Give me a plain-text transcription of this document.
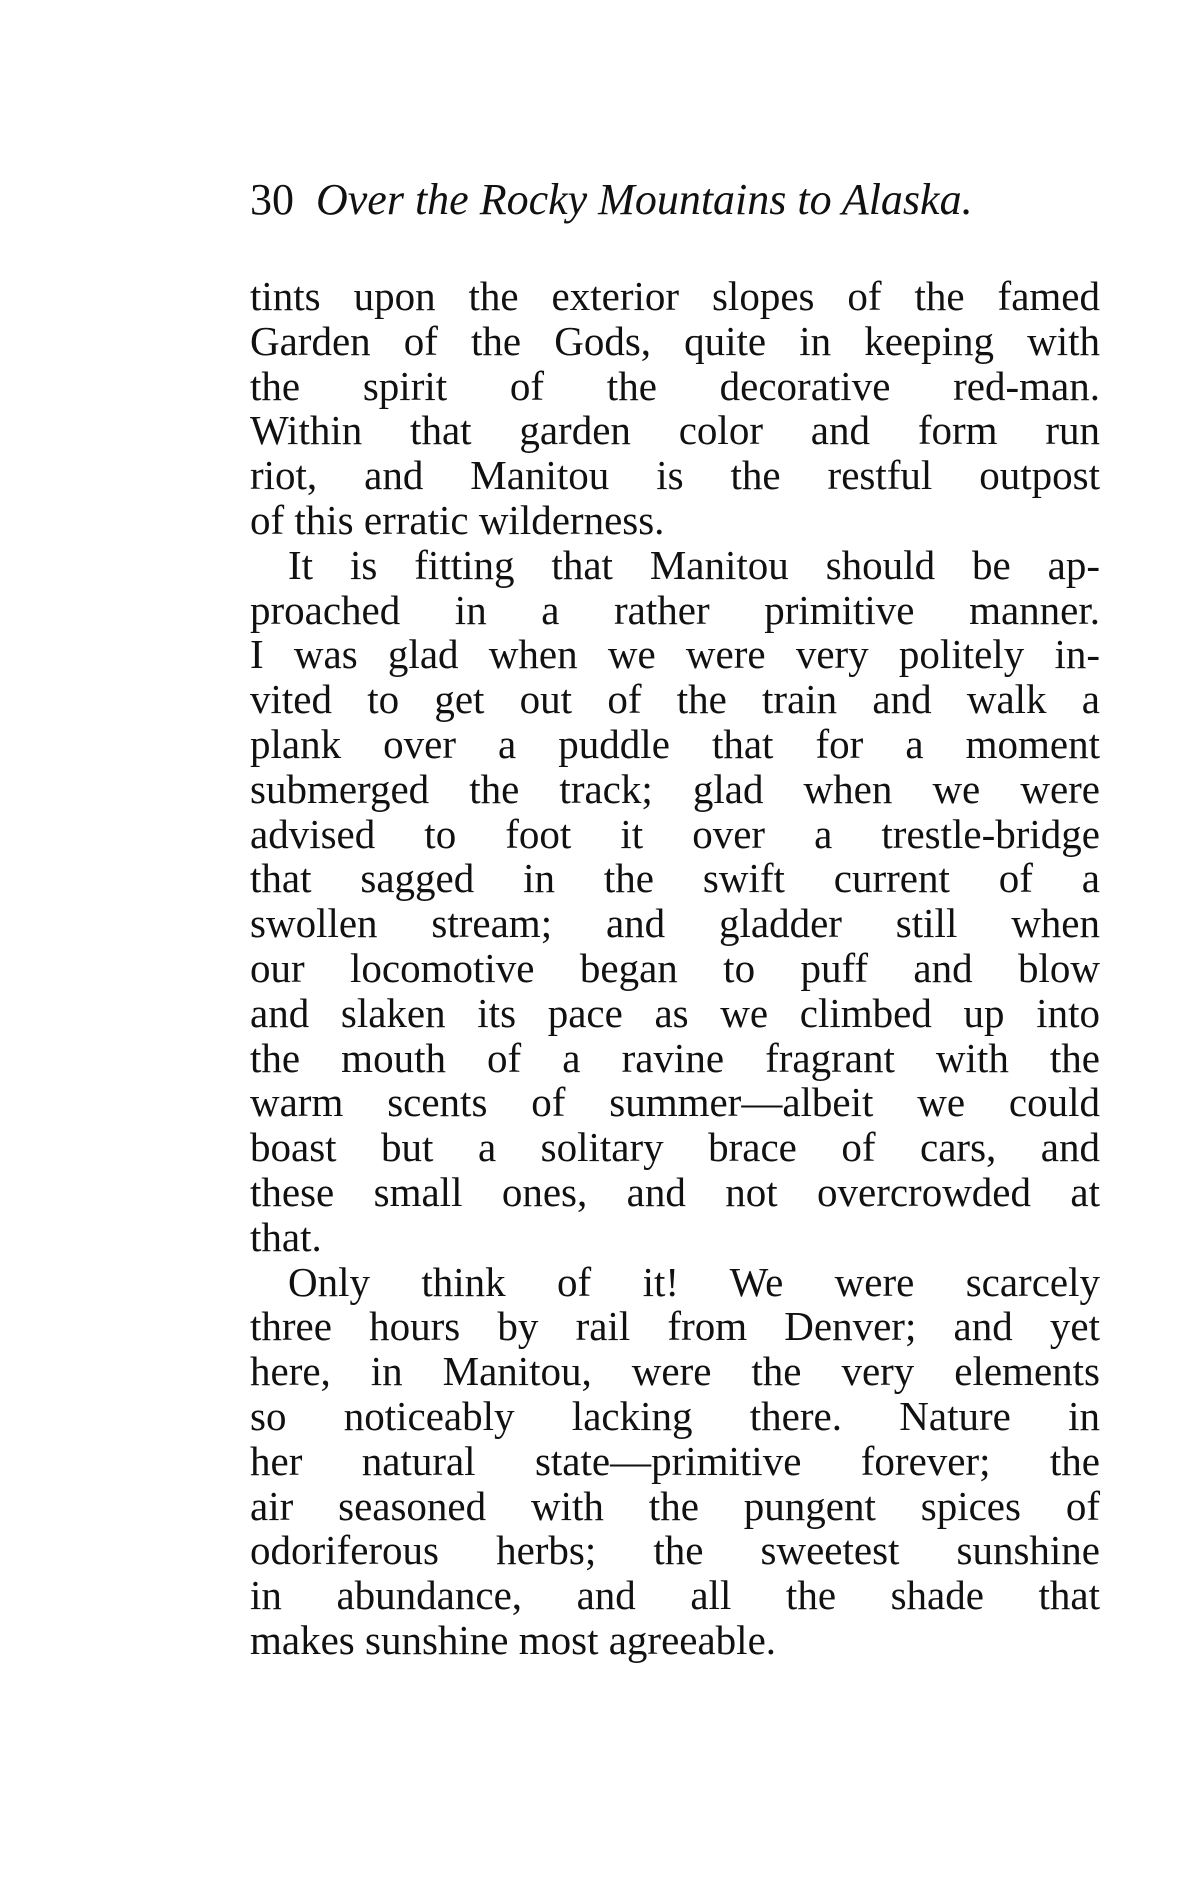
30 Over the Rocky Mountains to Alaska.
tints upon the exterior slopes of the famed
Garden of the Gods, quite in keeping with
the spirit of the decorative red-man.
Within that garden color and form run
riot, and Manitou is the restful outpost
of this erratic wilderness.
It is fitting that Manitou should be ap-
proached in a rather primitive manner.
I was glad when we were very politely in-
vited to get out of the train and walk a
plank over a puddle that for a moment
submerged the track; glad when we were
advised to foot it over a trestle-bridge
that sagged in the swift current of a
swollen stream; and gladder still when
our locomotive began to puff and blow
and slaken its pace as we climbed up into
the mouth of a ravine fragrant with the
warm scents of summer—albeit we could
boast but a solitary brace of cars, and
these small ones, and not overcrowded at
that.
Only think of it! We were scarcely
three hours by rail from Denver; and yet
here, in Manitou, were the very elements
so noticeably lacking there. Nature in
her natural state—primitive forever; the
air seasoned with the pungent spices of
odoriferous herbs; the sweetest sunshine
in abundance, and all the shade that
makes sunshine most agreeable.
